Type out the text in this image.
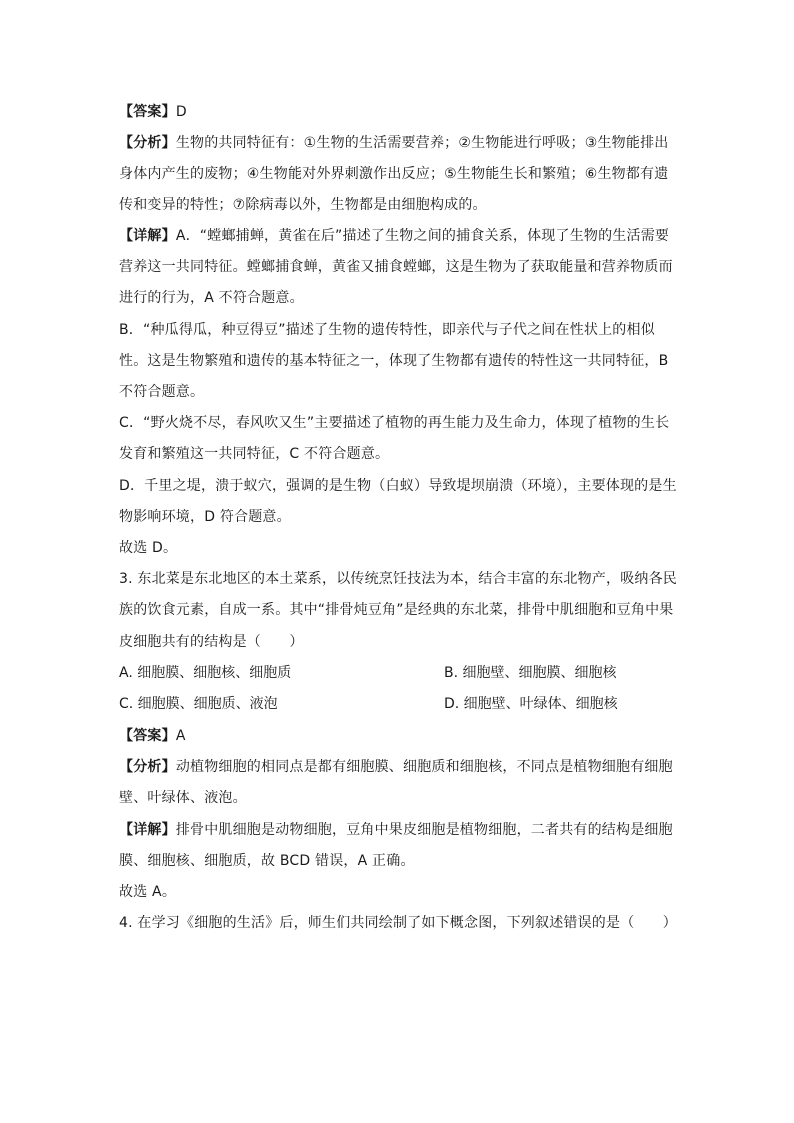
【答案】D
【分析】生物的共同特征有：①生物的生活需要营养；②生物能进行呼吸；③生物能排出
身体内产生的废物；④生物能对外界刺激作出反应；⑤生物能生长和繁殖；⑥生物都有遗
传和变异的特性；⑦除病毒以外，生物都是由细胞构成的。
【详解】A．“螳螂捕蝉，黄雀在后”描述了生物之间的捕食关系，体现了生物的生活需要
营养这一共同特征。螳螂捕食蝉，黄雀又捕食螳螂，这是生物为了获取能量和营养物质而
进行的行为，A 不符合题意。
B．“种瓜得瓜，种豆得豆”描述了生物的遗传特性，即亲代与子代之间在性状上的相似
性。这是生物繁殖和遗传的基本特征之一，体现了生物都有遗传的特性这一共同特征，B
不符合题意。
C．“野火烧不尽，春风吹又生”主要描述了植物的再生能力及生命力，体现了植物的生长
发育和繁殖这一共同特征，C 不符合题意。
D．千里之堤，溃于蚁穴，强调的是生物（白蚁）导致堤坝崩溃（环境），主要体现的是生
物影响环境，D 符合题意。
故选 D。
3. 东北菜是东北地区的本土菜系，以传统烹饪技法为本，结合丰富的东北物产，吸纳各民
族的饮食元素，自成一系。其中“排骨炖豆角”是经典的东北菜，排骨中肌细胞和豆角中果
皮细胞共有的结构是（　　）
A. 细胞膜、细胞核、细胞质	B. 细胞壁、细胞膜、细胞核
C. 细胞膜、细胞质、液泡	D. 细胞壁、叶绿体、细胞核
【答案】A
【分析】动植物细胞的相同点是都有细胞膜、细胞质和细胞核，不同点是植物细胞有细胞
壁、叶绿体、液泡。
【详解】排骨中肌细胞是动物细胞，豆角中果皮细胞是植物细胞，二者共有的结构是细胞
膜、细胞核、细胞质，故 BCD 错误，A 正确。
故选 A。
4. 在学习《细胞的生活》后，师生们共同绘制了如下概念图，下列叙述错误的是（　　）
